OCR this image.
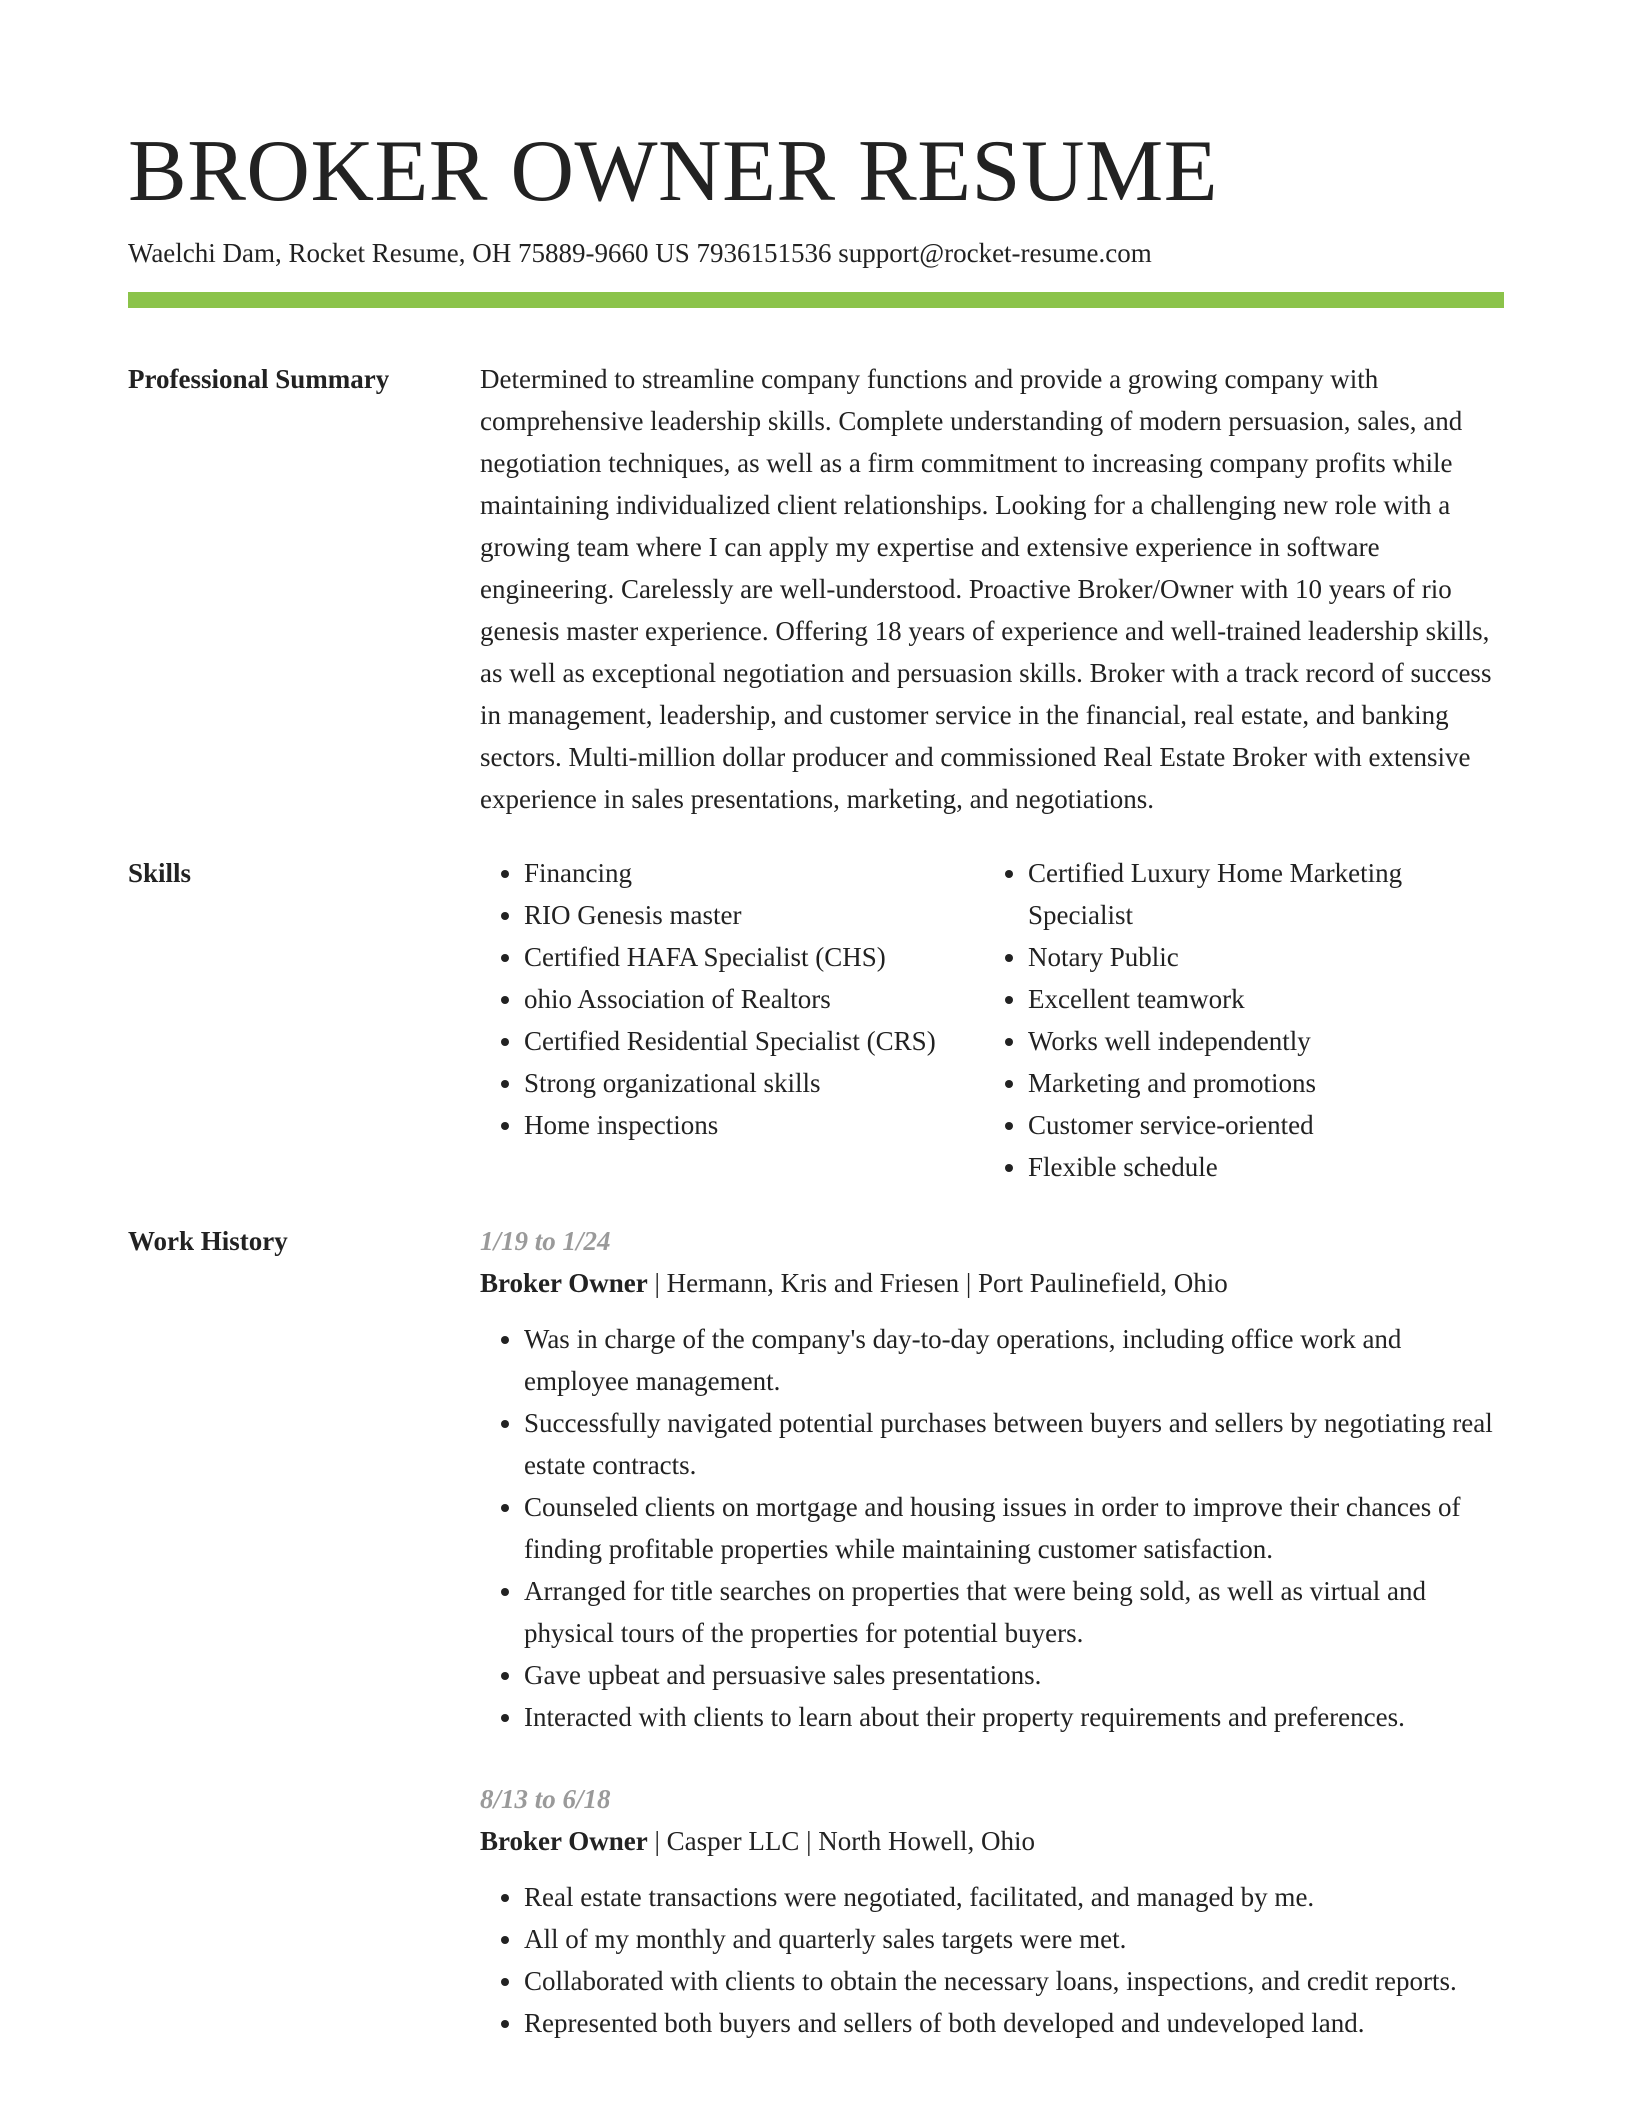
BROKER OWNER RESUME
Waelchi Dam, Rocket Resume, OH 75889-9660 US 7936151536 support@rocket-resume.com
Professional Summary	Determined to streamline company functions and provide a growing company with comprehensive leadership skills. Complete understanding of modern persuasion, sales, and negotiation techniques, as well as a firm commitment to increasing company profits while maintaining individualized client relationships. Looking for a challenging new role with a growing team where I can apply my expertise and extensive experience in software engineering. Carelessly are well-understood. Proactive Broker/Owner with 10 years of rio genesis master experience. Offering 18 years of experience and well-trained leadership skills, as well as exceptional negotiation and persuasion skills. Broker with a track record of success in management, leadership, and customer service in the financial, real estate, and banking sectors. Multi-million dollar producer and commissioned Real Estate Broker with extensive experience in sales presentations, marketing, and negotiations.

Skills
•	Financing
• RIO Genesis master
• Certified HAFA Specialist (CHS)
• ohio Association of Realtors
• Certified Residential Specialist (CRS)
• Strong organizational skills
• Home inspections
• Certified Luxury Home Marketing Specialist
• Notary Public
• Excellent teamwork
• Works well independently
• Marketing and promotions
• Customer service-oriented
• Flexible schedule
Work History	1/19 to 1/24
Broker Owner | Hermann, Kris and Friesen | Port Paulinefield, Ohio
• Was in charge of the company's day-to-day operations, including office work and employee management.
• Successfully navigated potential purchases between buyers and sellers by negotiating real estate contracts.
• Counseled clients on mortgage and housing issues in order to improve their chances of finding profitable properties while maintaining customer satisfaction.
• Arranged for title searches on properties that were being sold, as well as virtual and physical tours of the properties for potential buyers.
• Gave upbeat and persuasive sales presentations.
• Interacted with clients to learn about their property requirements and preferences.
8/13 to 6/18
Broker Owner | Casper LLC | North Howell, Ohio
• Real estate transactions were negotiated, facilitated, and managed by me.
• All of my monthly and quarterly sales targets were met.
• Collaborated with clients to obtain the necessary loans, inspections, and credit reports.
• Represented both buyers and sellers of both developed and undeveloped land.
